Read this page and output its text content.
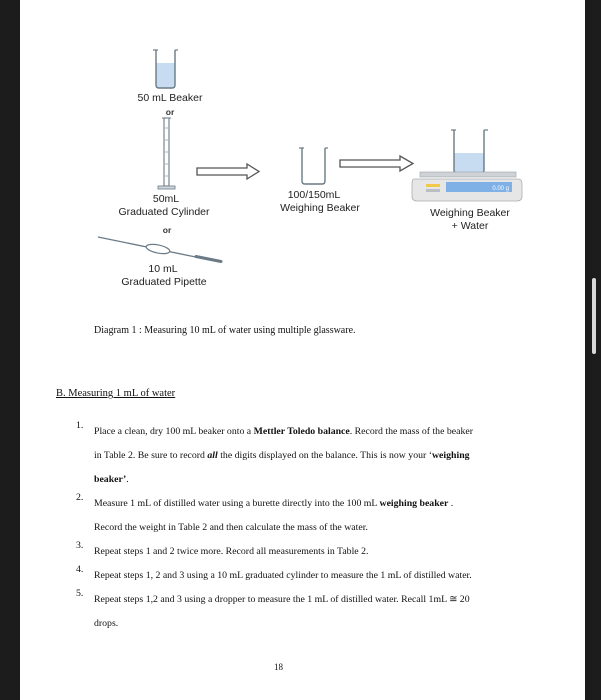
0.00 g
50 mL Beaker
or
50mL
Graduated Cylinder
or
10 mL
Graduated Pipette
100/150mL
Weighing Beaker	Weighing Beaker
+ Water
Diagram 1 : Measuring 10 mL of water using multiple glassware.
B. Measuring 1 mL of water
1.
Place a clean, dry 100 mL beaker onto a Mettler Toledo balance. Record the mass of the beaker
in Table 2. Be sure to record all the digits displayed on the balance. This is now your ‘weighing
beaker’.
2.
Measure 1 mL of distilled water using a burette directly into the 100 mL weighing beaker .
Record the weight in Table 2 and then calculate the mass of the water.
3.
Repeat steps 1 and 2 twice more. Record all measurements in Table 2.
4.
Repeat steps 1, 2 and 3 using a 10 mL graduated cylinder to measure the 1 mL of distilled water.
5.
Repeat steps 1,2 and 3 using a dropper to measure the 1 mL of distilled water. Recall 1mL ≅ 20
drops.
18
